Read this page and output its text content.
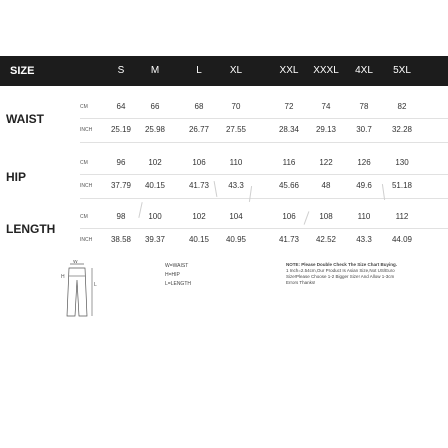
SIZE	S	M	L	XL	XXL XXXL 4XL 5XL
WAIST
CM	64	66	68	70	72	74	78	82
INCH 25.19 25.98	26.77 27.55	28.34 29.13	30.7	32.28
HIP
CM	96	102	106	110	116	122	126	130
INCH 37.79 40.15	41.73 43.3	45.66	48	49.6	51.18
LENGTH
CM	98	100	102	104	106	108	110	112
INCH 38.58 39.37	40.15 40.95	41.73 42.52	43.3	44.09
W
H
L
W=WAIST
H=HIP
L=LENGTH
NOTE: Please Double Check The Size Chart Buying.
1 Inch=2.54cm,Our Product Is Asian Size,Not US/Euro
Size!Please Choose 1-2 Bigger Size! And Allow 1-3cm
Errors Thanks!
